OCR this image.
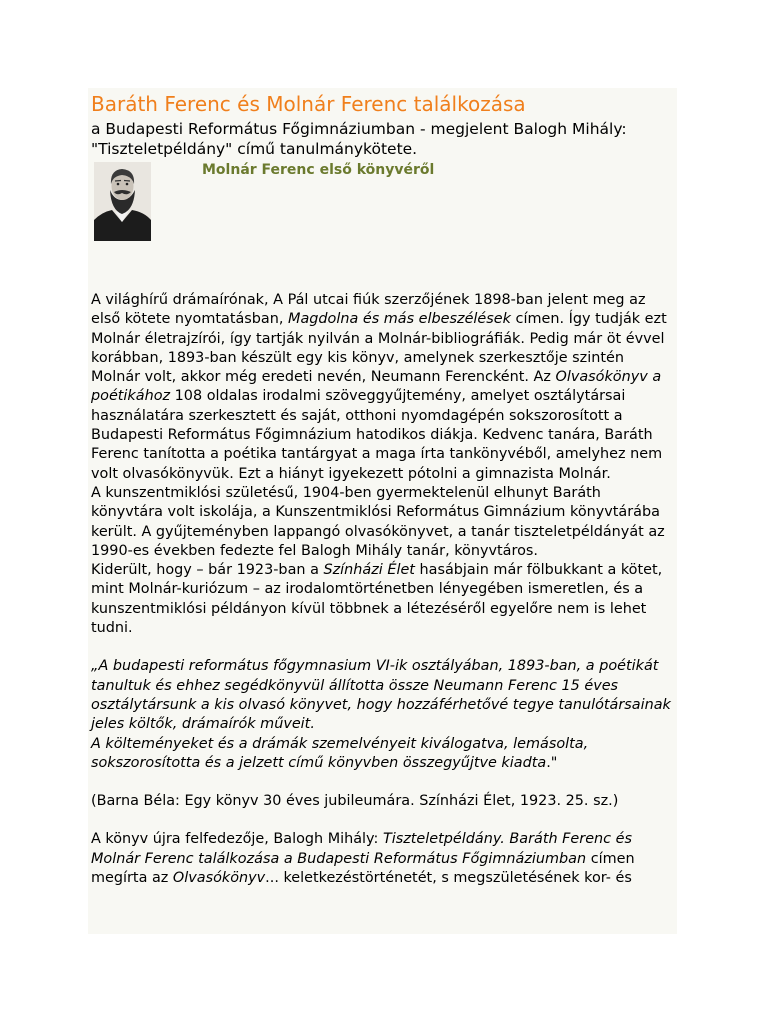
Baráth Ferenc és Molnár Ferenc találkozása
a Budapesti Református Főgimnáziumban - megjelent Balogh Mihály:
"Tiszteletpéldány" című tanulmánykötete.
Molnár Ferenc első könyvéről

A világhírű drámaírónak, A Pál utcai fiúk szerzőjének 1898-ban jelent meg az első kötete nyomtatásban, Magdolna és más elbeszélések címen. Így tudják ezt Molnár életrajzírói, így tartják nyilván a Molnár-bibliográfiák. Pedig már öt évvel korábban, 1893-ban készült egy kis könyv, amelynek szerkesztője szintén Molnár volt, akkor még eredeti nevén, Neumann Ferencként. Az Olvasókönyv a poétikához 108 oldalas irodalmi szöveggyűjtemény, amelyet osztálytársai használatára szerkesztett és saját, otthoni nyomdagépén sokszorosított a Budapesti Református Főgimnázium hatodikos diákja. Kedvenc tanára, Baráth Ferenc tanította a poétika tantárgyat a maga írta tankönyvéből, amelyhez nem volt olvasókönyvük. Ezt a hiányt igyekezett pótolni a gimnazista Molnár.

A kunszentmiklósi születésű, 1904-ben gyermektelenül elhunyt Baráth könyvtára volt iskolája, a Kunszentmiklósi Református Gimnázium könyvtárába került. A gyűjteményben lappangó olvasókönyvet, a tanár tiszteletpéldányát az 1990-es években fedezte fel Balogh Mihály tanár, könyvtáros.

Kiderült, hogy – bár 1923-ban a Színházi Élet hasábjain már fölbukkant a kötet, mint Molnár-kuriózum – az irodalomtörténetben lényegében ismeretlen, és a kunszentmiklósi példányon kívül többnek a létezéséről egyelőre nem is lehet tudni.

„A budapesti református főgymnasium VI-ik osztályában, 1893-ban, a poétikát tanultuk és ehhez segédkönyvül állította össze Neumann Ferenc 15 éves osztálytársunk a kis olvasó könyvet, hogy hozzáférhetővé tegye tanulótársainak jeles költők, drámaírók műveit.
A költeményeket és a drámák szemelvényeit kiválogatva, lemásolta, sokszorosította és a jelzett című könyvben összegyűjtve kiadta."

(Barna Béla: Egy könyv 30 éves jubileumára. Színházi Élet, 1923. 25. sz.)

A könyv újra felfedezője, Balogh Mihály: Tiszteletpéldány. Baráth Ferenc és Molnár Ferenc találkozása a Budapesti Református Főgimnáziumban címen megírta az Olvasókönyv... keletkezéstörténetét, s megszületésének kor- és
